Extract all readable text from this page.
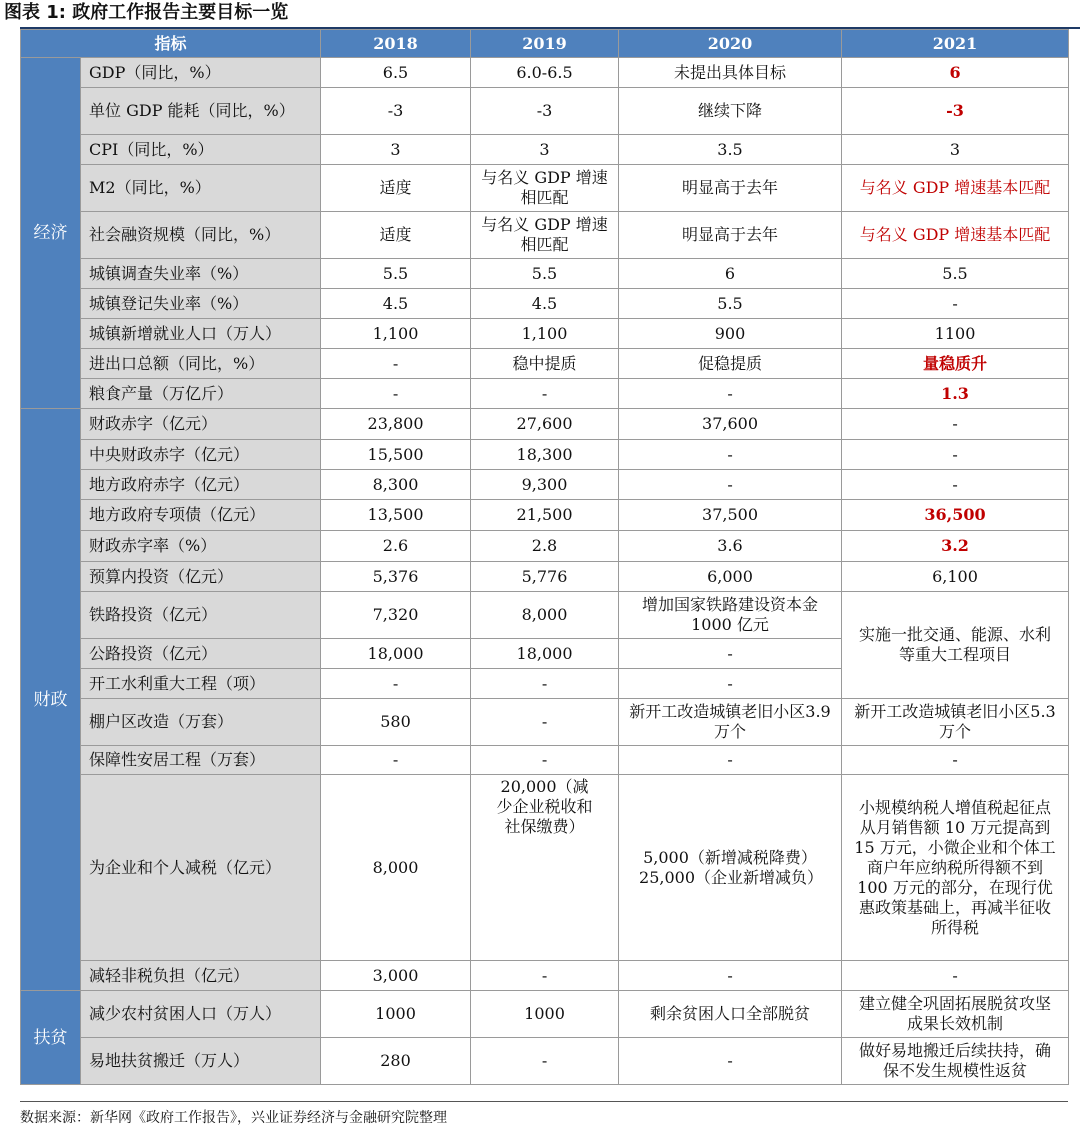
图表 1: 政府工作报告主要目标一览
指标		2018	2019	2020	2021
经济	GDP（同比，%）	6.5	6.0-6.5	未提出具体目标	6
	单位 GDP 能耗（同比，%）	-3	-3	继续下降	-3
	CPI（同比，%）	3	3	3.5	3
	M2（同比，%）	适度	与名义 GDP 增速相匹配	明显高于去年	与名义 GDP 增速基本匹配
	社会融资规模（同比，%）	适度	与名义 GDP 增速相匹配	明显高于去年	与名义 GDP 增速基本匹配
	城镇调查失业率（%）	5.5	5.5	6	5.5
	城镇登记失业率（%）	4.5	4.5	5.5	-
	城镇新增就业人口（万人）	1,100	1,100	900	1100
	进出口总额（同比，%）	-	稳中提质	促稳提质	量稳质升
	粮食产量（万亿斤）	-	-	-	1.3
财政	财政赤字（亿元）	23,800	27,600	37,600	-
	中央财政赤字（亿元）	15,500	18,300	-	-
	地方政府赤字（亿元）	8,300	9,300	-	-
	地方政府专项债（亿元）	13,500	21,500	37,500	36,500
	财政赤字率（%）	2.6	2.8	3.6	3.2
	预算内投资（亿元）	5,376	5,776	6,000	6,100
	铁路投资（亿元）	7,320	8,000	增加国家铁路建设资本金1000 亿元	实施一批交通、能源、水利等重大工程项目
	公路投资（亿元）	18,000	18,000	-	
	开工水利重大工程（项）	-	-	-	
	棚户区改造（万套）	580	-	新开工改造城镇老旧小区3.9 万个	新开工改造城镇老旧小区5.3 万个
	保障性安居工程（万套）	-	-	-	-
	为企业和个人减税（亿元）	8,000	20,000（减少企业税收和社保缴费）	5,000（新增减税降费）25,000（企业新增减负）	小规模纳税人增值税起征点从月销售额 10 万元提高到 15 万元，小微企业和个体工商户年应纳税所得额不到 100 万元的部分，在现行优惠政策基础上，再减半征收所得税
	减轻非税负担（亿元）	3,000	-	-	-
扶贫	减少农村贫困人口（万人）	1000	1000	剩余贫困人口全部脱贫	建立健全巩固拓展脱贫攻坚成果长效机制
	易地扶贫搬迁（万人）	280	-	-	做好易地搬迁后续扶持，确保不发生规模性返贫
数据来源：新华网《政府工作报告》，兴业证券经济与金融研究院整理
